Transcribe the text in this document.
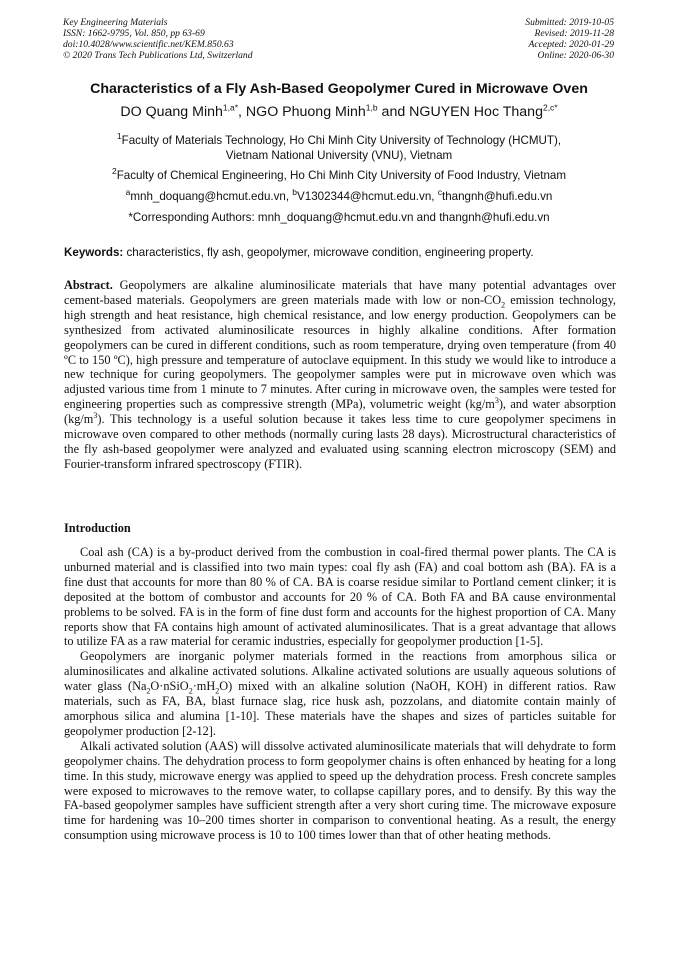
Key Engineering Materials
ISSN: 1662-9795, Vol. 850, pp 63-69
doi:10.4028/www.scientific.net/KEM.850.63
© 2020 Trans Tech Publications Ltd, Switzerland
Submitted: 2019-10-05
Revised: 2019-11-28
Accepted: 2020-01-29
Online: 2020-06-30
Characteristics of a Fly Ash-Based Geopolymer Cured in Microwave Oven
DO Quang Minh$^{1,a*}$, NGO Phuong Minh$^{1,b}$ and NGUYEN Hoc Thang$^{2,c*}$
$^1$Faculty of Materials Technology, Ho Chi Minh City University of Technology (HCMUT),
Vietnam National University (VNU), Vietnam
$^2$Faculty of Chemical Engineering, Ho Chi Minh City University of Food Industry, Vietnam
$^a$mnh_doquang@hcmut.edu.vn, $^b$V1302344@hcmut.edu.vn, $^c$thangnh@hufi.edu.vn
*Corresponding Authors: mnh_doquang@hcmut.edu.vn and thangnh@hufi.edu.vn
Keywords: characteristics, fly ash, geopolymer, microwave condition, engineering property.
Abstract. Geopolymers are alkaline aluminosilicate materials that have many potential advantages over cement-based materials. Geopolymers are green materials made with low or non-$CO_2$ emission technology, high strength and heat resistance, high chemical resistance, and low energy production. Geopolymers can be synthesized from activated aluminosilicate resources in highly alkaline conditions. After formation geopolymers can be cured in different conditions, such as room temperature, drying oven temperature (from 40 ºC to 150 ºC), high pressure and temperature of autoclave equipment. In this study we would like to introduce a new technique for curing geopolymers. The geopolymer samples were put in microwave oven which was adjusted various time from 1 minute to 7 minutes. After curing in microwave oven, the samples were tested for engineering properties such as compressive strength (MPa), volumetric weight $(kg/m^3)$, and water absorption $(kg/m^3)$. This technology is a useful solution because it takes less time to cure geopolymer specimens in microwave oven compared to other methods (normally curing lasts 28 days). Microstructural characteristics of the fly ash-based geopolymer were analyzed and evaluated using scanning electron microscopy (SEM) and Fourier-transform infrared spectroscopy (FTIR).
Introduction

Coal ash (CA) is a by-product derived from the combustion in coal-fired thermal power plants. The CA is unburned material and is classified into two main types: coal fly ash (FA) and coal bottom ash (BA). FA is a fine dust that accounts for more than 80 % of CA. BA is coarse residue similar to Portland cement clinker; it is deposited at the bottom of combustor and accounts for 20 % of CA. Both FA and BA cause environmental problems to be solved. FA is in the form of fine dust form and accounts for the highest proportion of CA. Many reports show that FA contains high amount of activated aluminosilicates. That is a great advantage that allows to utilize FA as a raw material for ceramic industries, especially for geopolymer production [1-5].

Geopolymers are inorganic polymer materials formed in the reactions from amorphous silica or aluminosilicates and alkaline activated solutions. Alkaline activated solutions are usually aqueous solutions of water glass $(Na_2O\cdot nSiO_2\cdot mH_2O)$ mixed with an alkaline solution (NaOH, KOH) in different ratios. Raw materials, such as FA, BA, blast furnace slag, rice husk ash, pozzolans, and diatomite contain mainly of amorphous silica and alumina [1-10]. These materials have the shapes and sizes of particles suitable for geopolymer production [2-12].

Alkali activated solution (AAS) will dissolve activated aluminosilicate materials that will dehydrate to form geopolymer chains. The dehydration process to form geopolymer chains is often enhanced by heating for a long time. In this study, microwave energy was applied to speed up the dehydration process. Fresh concrete samples were exposed to microwaves to the remove water, to collapse capillary pores, and to densify. By this way the FA-based geopolymer samples have sufficient strength after a very short curing time. The microwave exposure time for hardening was 10–200 times shorter in comparison to conventional heating. As a result, the energy consumption using microwave process is 10 to 100 times lower than that of other heating methods.
